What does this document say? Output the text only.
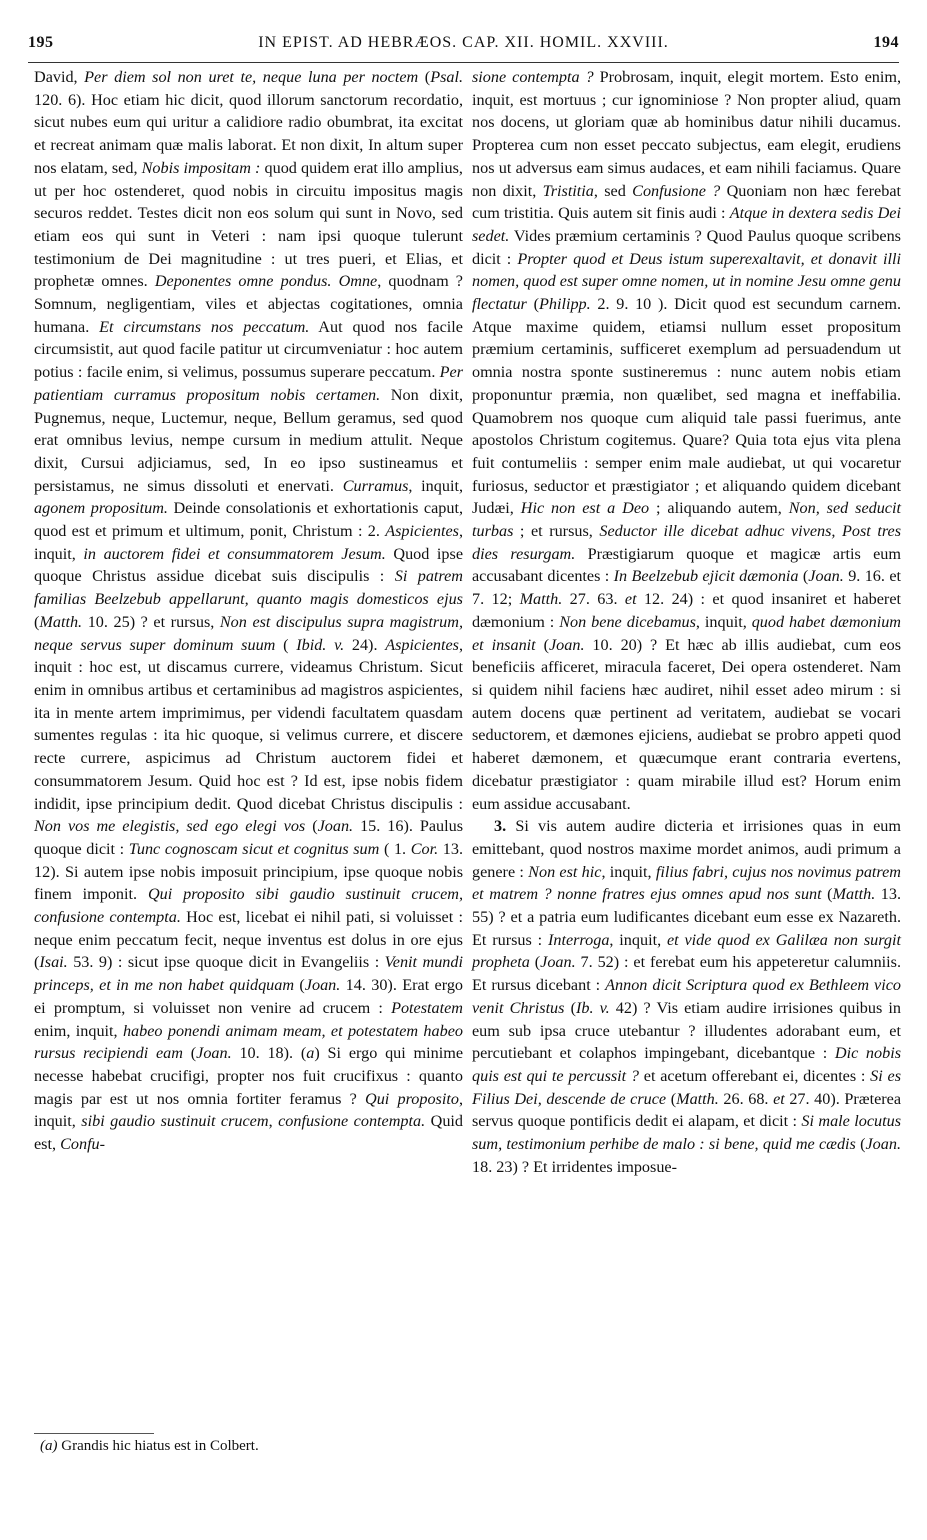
195	IN EPIST. AD HEBRÆOS. CAP. XII. HOMIL. XXVIII.	194

David, Per diem sol non uret te, neque luna per noctem (Psal. 120. 6). Hoc etiam hic dicit, quod illorum sanctorum recordatio, sicut nubes eum qui uritur a calidiore radio obumbrat, ita excitat et recreat animam quæ malis laborat. Et non dixit, In altum super nos elatam, sed, Nobis impositam : quod quidem erat illo amplius, ut per hoc ostenderet, quod nobis in circuitu impositus magis securos reddet. Testes dicit non eos solum qui sunt in Novo, sed etiam eos qui sunt in Veteri : nam ipsi quoque tulerunt testimonium de Dei magnitudine : ut tres pueri, et Elias, et prophetæ omnes. Deponentes omne pondus. Omne, quodnam ? Somnum, negligentiam, viles et abjectas cogitationes, omnia humana. Et circumstans nos peccatum. Aut quod nos facile circumsistit, aut quod facile patitur ut circumveniatur : hoc autem potius : facile enim, si velimus, possumus superare peccatum. Per patientiam curramus propositum nobis certamen. Non dixit, Pugnemus, neque, Luctemur, neque, Bellum geramus, sed quod erat omnibus levius, nempe cursum in medium attulit. Neque dixit, Cursui adjiciamus, sed, In eo ipso sustineamus et persistamus, ne simus dissoluti et enervati. Curramus, inquit, agonem propositum. Deinde consolationis et exhortationis caput, quod est et primum et ultimum, ponit, Christum : 2. Aspicientes, inquit, in auctorem fidei et consummatorem Jesum. Quod ipse quoque Christus assidue dicebat suis discipulis : Si patrem familias Beelzebub appellarunt, quanto magis domesticos ejus (Matth. 10. 25) ? et rursus, Non est discipulus supra magistrum, neque servus super dominum suum ( Ibid. v. 24). Aspicientes, inquit : hoc est, ut discamus currere, videamus Christum. Sicut enim in omnibus artibus et certaminibus ad magistros aspicientes, ita in mente artem imprimimus, per videndi facultatem quasdam sumentes regulas : ita hic quoque, si velimus currere, et discere recte currere, aspicimus ad Christum auctorem fidei et consummatorem Jesum. Quid hoc est ? Id est, ipse nobis fidem indidit, ipse principium dedit. Quod dicebat Christus discipulis : Non vos me elegistis, sed ego elegi vos (Joan. 15. 16). Paulus quoque dicit : Tunc cognoscam sicut et cognitus sum ( 1. Cor. 13. 12). Si autem ipse nobis imposuit principium, ipse quoque nobis finem imponit. Qui proposito sibi gaudio sustinuit crucem, confusione contempta. Hoc est, licebat ei nihil pati, si voluisset : neque enim peccatum fecit, neque inventus est dolus in ore ejus (Isai. 53. 9) : sicut ipse quoque dicit in Evangeliis : Venit mundi princeps, et in me non habet quidquam (Joan. 14. 30). Erat ergo ei promptum, si voluisset non venire ad crucem : Potestatem enim, inquit, habeo ponendi animam meam, et potestatem habeo rursus recipiendi eam (Joan. 10. 18). (a) Si ergo qui minime necesse habebat crucifigi, propter nos fuit crucifixus : quanto magis par est ut nos omnia fortiter feramus ? Qui proposito, inquit, sibi gaudio sustinuit crucem, confusione contempta. Quid est, Confu-

sione contempta ? Probrosam, inquit, elegit mortem. Esto enim, inquit, est mortuus ; cur ignominiose ? Non propter aliud, quam nos docens, ut gloriam quæ ab hominibus datur nihili ducamus. Propterea cum non esset peccato subjectus, eam elegit, erudiens nos ut adversus eam simus audaces, et eam nihili faciamus. Quare non dixit, Tristitia, sed Confusione ? Quoniam non hæc ferebat cum tristitia. Quis autem sit finis audi : Atque in dextera sedis Dei sedet. Vides præmium certaminis ? Quod Paulus quoque scribens dicit : Propter quod et Deus istum superexaltavit, et donavit illi nomen, quod est super omne nomen, ut in nomine Jesu omne genu flectatur (Philipp. 2. 9. 10 ). Dicit quod est secundum carnem. Atque maxime quidem, etiamsi nullum esset propositum præmium certaminis, sufficeret exemplum ad persuadendum ut omnia nostra sponte sustineremus : nunc autem nobis etiam proponuntur præmia, non quælibet, sed magna et ineffabilia. Quamobrem nos quoque cum aliquid tale passi fuerimus, ante apostolos Christum cogitemus. Quare? Quia tota ejus vita plena fuit contumeliis : semper enim male audiebat, ut qui vocaretur furiosus, seductor et præstigiator ; et aliquando quidem dicebant Judæi, Hic non est a Deo ; aliquando autem, Non, sed seducit turbas ; et rursus, Seductor ille dicebat adhuc vivens, Post tres dies resurgam. Præstigiarum quoque et magicæ artis eum accusabant dicentes : In Beelzebub ejicit dæmonia (Joan. 9. 16. et 7. 12; Matth. 27. 63. et 12. 24) : et quod insaniret et haberet dæmonium : Non bene dicebamus, inquit, quod habet dæmonium et insanit (Joan. 10. 20) ? Et hæc ab illis audiebat, cum eos beneficiis afficeret, miracula faceret, Dei opera ostenderet. Nam si quidem nihil faciens hæc audiret, nihil esset adeo mirum : si autem docens quæ pertinent ad veritatem, audiebat se vocari seductorem, et dæmones ejiciens, audiebat se probro appeti quod haberet dæmonem, et quæcumque erant contraria evertens, dicebatur præstigiator : quam mirabile illud est? Horum enim eum assidue accusabant.

3. Si vis autem audire dicteria et irrisiones quas in eum emittebant, quod nostros maxime mordet animos, audi primum a genere : Non est hic, inquit, filius fabri, cujus nos novimus patrem et matrem ? nonne fratres ejus omnes apud nos sunt (Matth. 13. 55) ? et a patria eum ludificantes dicebant eum esse ex Nazareth. Et rursus : Interroga, inquit, et vide quod ex Galilæa non surgit propheta (Joan. 7. 52) : et ferebat eum his appeteretur calumniis. Et rursus dicebant : Annon dicit Scriptura quod ex Bethleem vico venit Christus (Ib. v. 42) ? Vis etiam audire irrisiones quibus in eum sub ipsa cruce utebantur ? illudentes adorabant eum, et percutiebant et colaphos impingebant, dicebantque : Dic nobis quis est qui te percussit ? et acetum offerebant ei, dicentes : Si es Filius Dei, descende de cruce (Matth. 26. 68. et 27. 40). Præterea servus quoque pontificis dedit ei alapam, et dicit : Si male locutus sum, testimonium perhibe de malo : si bene, quid me cædis (Joan. 18. 23) ? Et irridentes imposue-

(a) Grandis hic hiatus est in Colbert.
